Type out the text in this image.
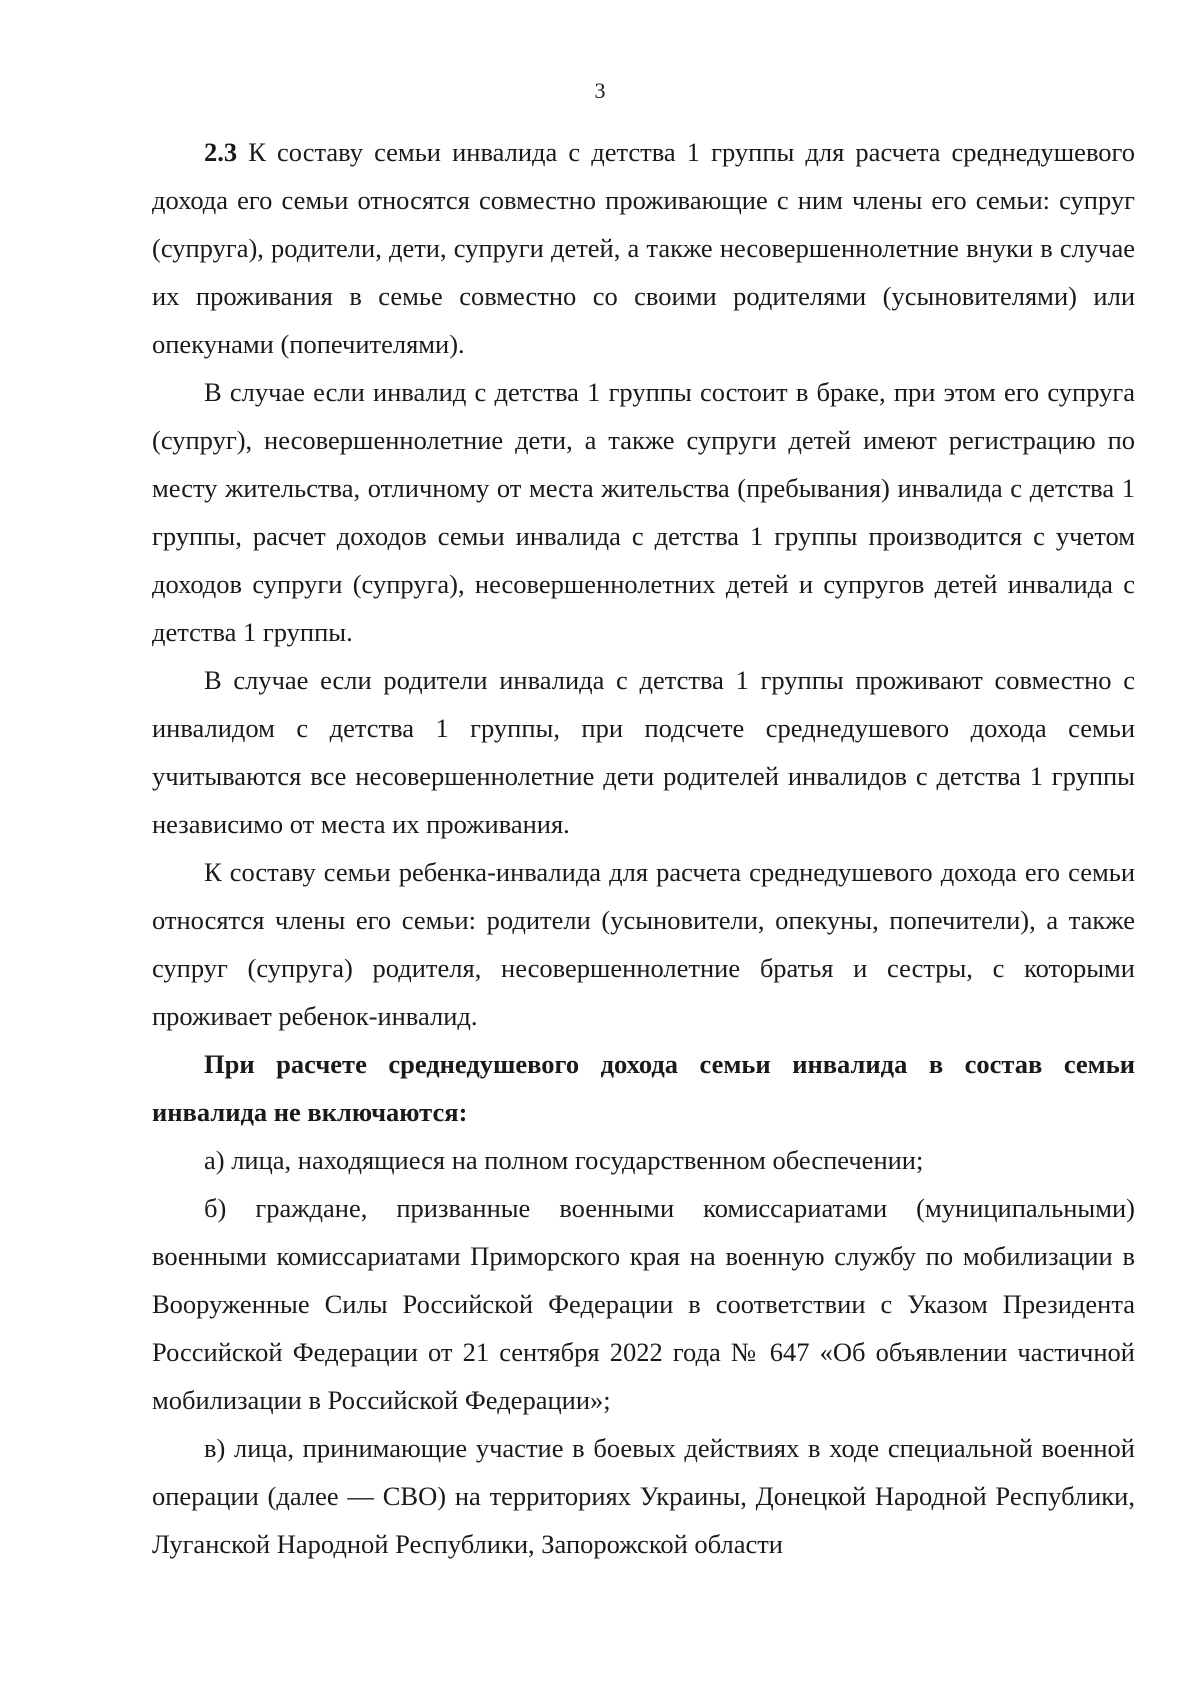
3

2.3 К составу семьи инвалида с детства 1 группы для расчета среднедушевого дохода его семьи относятся совместно проживающие с ним члены его семьи: супруг (супруга), родители, дети, супруги детей, а также несовершеннолетние внуки в случае их проживания в семье совместно со своими родителями (усыновителями) или опекунами (попечителями).

В случае если инвалид с детства 1 группы состоит в браке, при этом его супруга (супруг), несовершеннолетние дети, а также супруги детей имеют регистрацию по месту жительства, отличному от места жительства (пребывания) инвалида с детства 1 группы, расчет доходов семьи инвалида с детства 1 группы производится с учетом доходов супруги (супруга), несовершеннолетних детей и супругов детей инвалида с детства 1 группы.

В случае если родители инвалида с детства 1 группы проживают совместно с инвалидом с детства 1 группы, при подсчете среднедушевого дохода семьи учитываются все несовершеннолетние дети родителей инвалидов с детства 1 группы независимо от места их проживания.

К составу семьи ребенка-инвалида для расчета среднедушевого дохода его семьи относятся члены его семьи: родители (усыновители, опекуны, попечители), а также супруг (супруга) родителя, несовершеннолетние братья и сестры, с которыми проживает ребенок-инвалид.

При расчете среднедушевого дохода семьи инвалида в состав семьи инвалида не включаются:

а) лица, находящиеся на полном государственном обеспечении;

б) граждане, призванные военными комиссариатами (муниципальными) военными комиссариатами Приморского края на военную службу по мобилизации в Вооруженные Силы Российской Федерации в соответствии с Указом Президента Российской Федерации от 21 сентября 2022 года № 647 «Об объявлении частичной мобилизации в Российской Федерации»;

в) лица, принимающие участие в боевых действиях в ходе специальной военной операции (далее — СВО) на территориях Украины, Донецкой Народной Республики, Луганской Народной Республики, Запорожской области
